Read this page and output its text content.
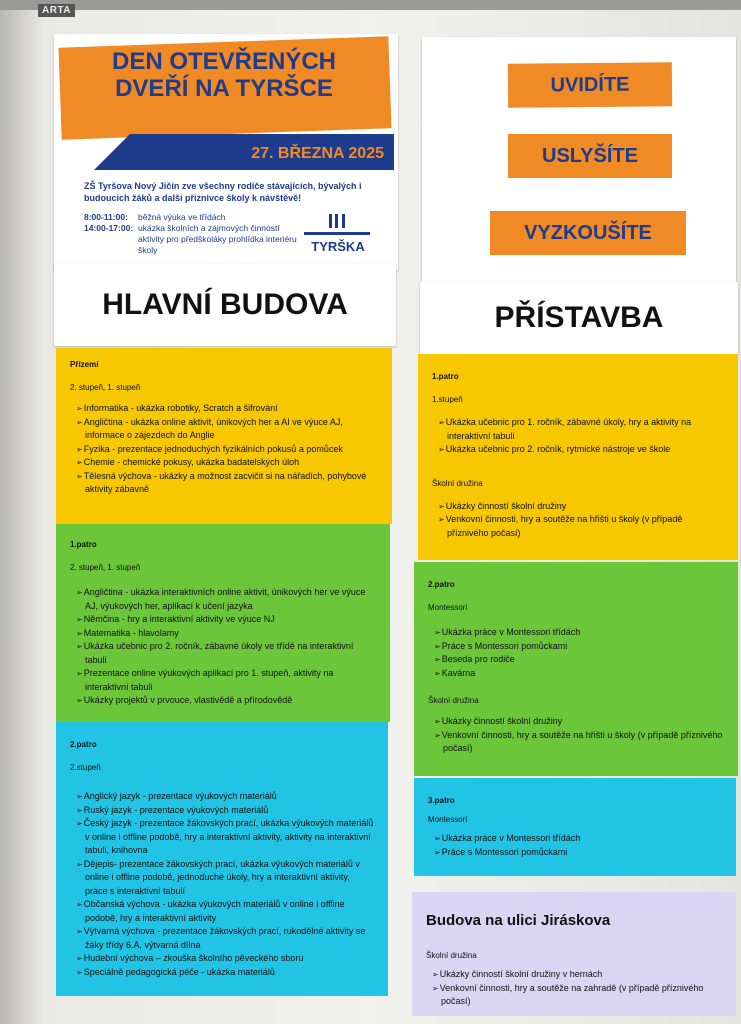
ARTA
DEN OTEVŘENÝCH DVEŘÍ NA TYRŠCE
27. BŘEZNA 2025
ZŠ Tyršova Nový Jičín zve všechny rodiče stávajících, bývalých i budoucích žáků a další příznivce školy k návštěvě!
8:00-11:00: běžná výuka ve třídách
14:00-17:00: ukázka školních a zájmových činností aktivity pro předškoláky prohlídka interiéru školy	TYRŠKA
UVIDÍTE
USLYŠÍTE
VYZKOUŠÍTE
HLAVNÍ BUDOVA	PŘÍSTAVBA
Přízemí
2. stupeň, 1. stupeň
➢ Informatika - ukázka robotiky, Scratch a šifrování
➢ Angličtina - ukázka online aktivit, únikových her a AI ve výuce AJ, informace o zájezdech do Anglie
➢ Fyzika - prezentace jednoduchých fyzikálních pokusů a pomůcek
➢ Chemie - chemické pokusy, ukázka badatelských úloh
➢ Tělesná výchova - ukázky a možnost zacvičit si na nářadích, pohybové aktivity zábavně
1.patro
2. stupeň, 1. stupeň
➢ Angličtina - ukázka interaktivních online aktivit, únikových her ve výuce AJ, výukových her, aplikací k učení jazyka
➢ Němčina - hry a interaktivní aktivity ve výuce NJ
➢ Matematika - hlavolamy
➢ Ukázka učebnic pro 2. ročník, zábavné úkoly ve třídě na interaktivní tabuli
➢ Prezentace online výukových aplikací pro 1. stupeň, aktivity na interaktivní tabuli
➢ Ukázky projektů v prvouce, vlastivědě a přírodovědě
2.patro
2.stupeň
➢ Anglický jazyk - prezentace výukových materiálů
➢ Ruský jazyk - prezentace výukových materiálů
➢ Český jazyk - prezentace žákovských prací, ukázka výukových materiálů v online i offline podobě, hry a interaktivní aktivity, aktivity na interaktivní tabuli, knihovna
➢ Dějepis- prezentace žákovských prací, ukázka výukových materiálů v online i offline podobě, jednoduché úkoly, hry a interaktivní aktivity, práce s interaktivní tabulí
➢ Občanská výchova - ukázka výukových materiálů v online i offline podobě, hry a interaktivní aktivity
➢ Výtvarná výchova - prezentace žákovských prací, rukodělné aktivity se žáky třídy 6.A, výtvarná dílna
➢ Hudební výchova – zkouška školního pěveckého sboru
➢ Speciálně pedagogická péče - ukázka materiálů
1.patro
1.stupeň
➢ Ukázka učebnic pro 1. ročník, zábavné úkoly, hry a aktivity na interaktivní tabuli
➢ Ukázka učebnic pro 2. ročník, rytmické nástroje ve škole
Školní družina
➢ Ukázky činností školní družiny
➢ Venkovní činnosti, hry a soutěže na hřišti u školy (v případě příznivého počasí)
2.patro
Montessori
➢ Ukázka práce v Montessori třídách
➢ Práce s Montessori pomůckami
➢ Beseda pro rodiče
➢ Kavárna
Školní družina
➢ Ukázky činností školní družiny
➢ Venkovní činnosti, hry a soutěže na hřišti u školy (v případě příznivého počasí)
3.patro
Montessori
➢ Ukázka práce v Montessori třídách
➢ Práce s Montessori pomůckami
Budova na ulici Jiráskova
Školní družina
➢ Ukázky činností školní družiny v hernách
➢ Venkovní činnosti, hry a soutěže na zahradě (v případě příznivého počasí)
